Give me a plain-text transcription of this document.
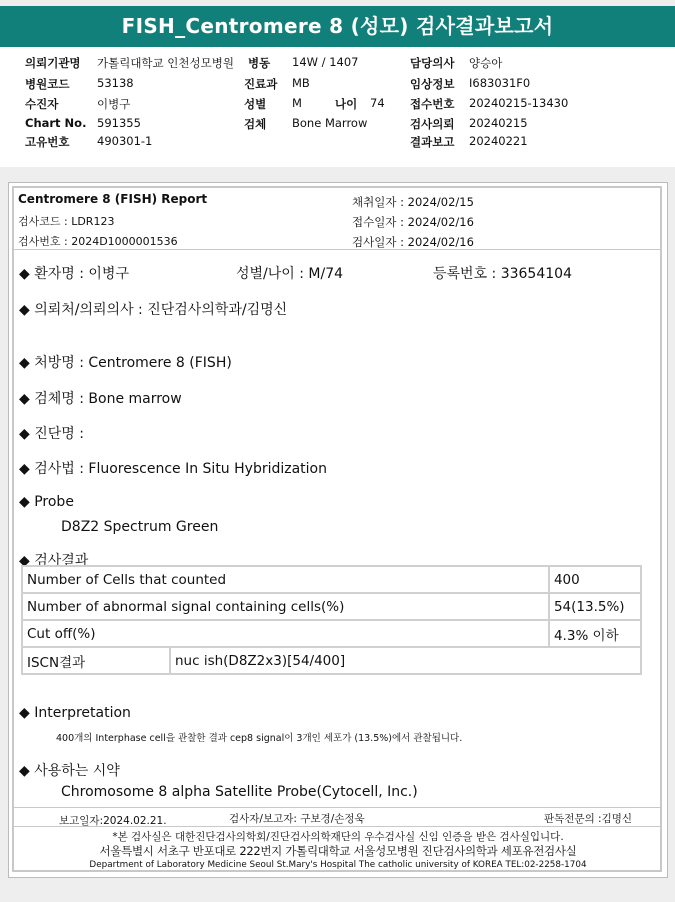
FISH_Centromere 8 (성모) 검사결과보고서
의뢰기관명 가톨릭대학교 인천성모병원
병원코드 53138
수진자	이병구
Chart No. 591355
고유번호 490301-1
병동 14W / 1407
진료과 MB
성별 M	나이 74
검체 Bone Marrow
담당의사 양승아
임상정보 I683031F0
접수번호 20240215-13430
검사의뢰 20240215
결과보고 20240221
Centromere 8 (FISH) Report
검사코드 : LDR123
검사번호 : 2024D1000001536
채취일자 : 2024/02/15
접수일자 : 2024/02/16
검사일자 : 2024/02/16
◆ 환자명 : 이병구	성별/나이 : M/74	등록번호 : 33654104
◆ 의뢰처/의뢰의사 : 진단검사의학과/김명신
◆ 처방명 : Centromere 8 (FISH)
◆ 검체명 : Bone marrow
◆ 진단명 :
◆ 검사법 : Fluorescence In Situ Hybridization
◆ Probe
D8Z2 Spectrum Green
◆ 검사결과
Number of Cells that counted		400
Number of abnormal signal containing cells(%)		54(13.5%)
Cut off(%)		4.3% 이하
ISCN결과	nuc ish(D8Z2x3)[54/400]	
◆ Interpretation
400개의 Interphase cell을 관찰한 결과 cep8 signal이 3개인 세포가 (13.5%)에서 관찰됩니다.
◆ 사용하는 시약
Chromosome 8 alpha Satellite Probe(Cytocell, Inc.)
보고일자:2024.02.21.	검사자/보고자: 구보경/손정욱	판독전문의 :김명신
*본 검사실은 대한진단검사의학회/진단검사의학재단의 우수검사실 신임 인증을 받은 검사실입니다.
서울특별시 서초구 반포대로 222번지 가톨릭대학교 서울성모병원 진단검사의학과 세포유전검사실
Department of Laboratory Medicine Seoul St.Mary's Hospital The catholic university of KOREA TEL:02-2258-1704
